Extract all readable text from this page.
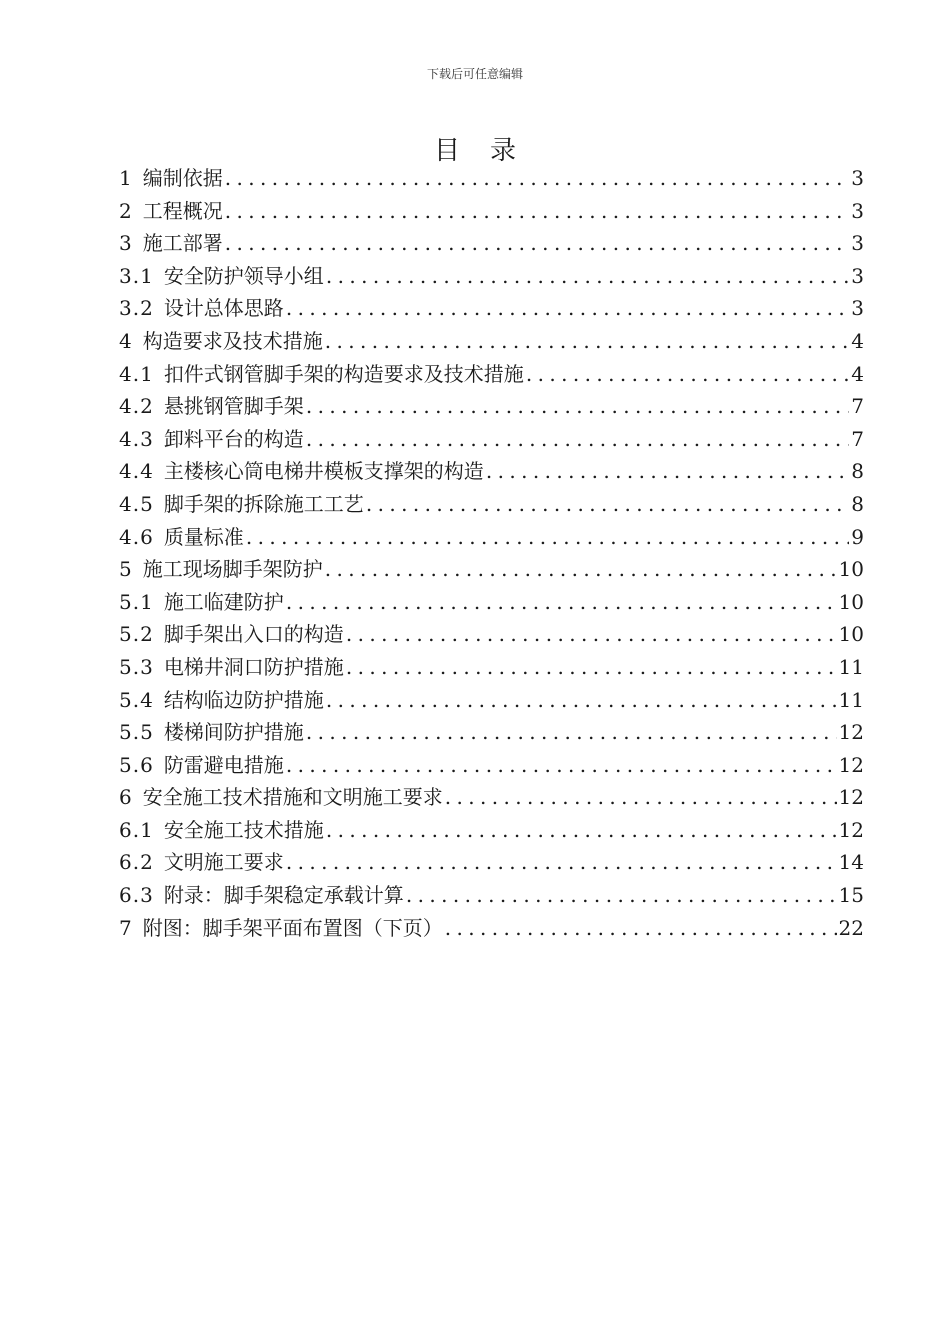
下载后可任意编辑
目录
1 编制依据 .....	3
2 工程概况 .....	3
3 施工部署 .....	3
3.1 安全防护领导小组 .....	3
3.2 设计总体思路 .....	3
4 构造要求及技术措施 .....	4
4.1 扣件式钢管脚手架的构造要求及技术措施 .....	4
4.2 悬挑钢管脚手架 .....	7
4.3 卸料平台的构造 .....	7
4.4 主楼核心筒电梯井模板支撑架的构造 .....	8
4.5 脚手架的拆除施工工艺 .....	8
4.6 质量标准 .....	9
5 施工现场脚手架防护 .....	10
5.1 施工临建防护 .....	10
5.2 脚手架出入口的构造 .....	10
5.3 电梯井洞口防护措施 .....	11
5.4 结构临边防护措施 .....	11
5.5 楼梯间防护措施 .....	12
5.6 防雷避电措施 .....	12
6 安全施工技术措施和文明施工要求 .....	12
6.1 安全施工技术措施 .....	12
6.2 文明施工要求 .....	14
6.3 附录：脚手架稳定承载计算 .....	15
7 附图：脚手架平面布置图（下页） .....	22
